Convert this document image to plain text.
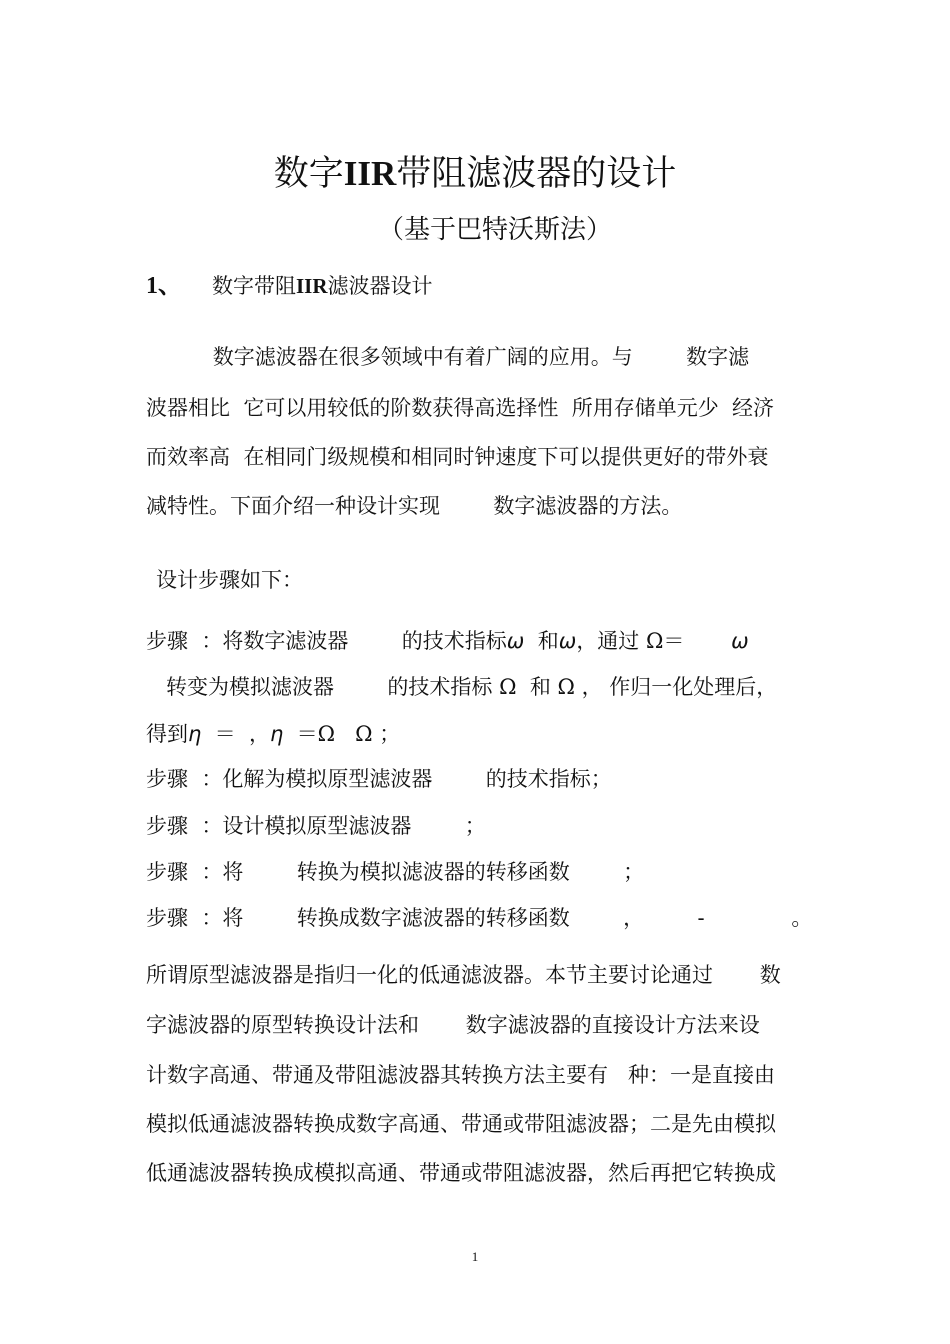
数字IIR带阻滤波器的设计
（基于巴特沃斯法）
1、 数字带阻IIR滤波器设计
数字滤波器在很多领域中有着广阔的应用。与        数字滤
波器相比  它可以用较低的阶数获得高选择性  所用存储单元少  经济
而效率高  在相同门级规模和相同时钟速度下可以提供更好的带外衰
减特性。下面介绍一种设计实现        数字滤波器的方法。
设计步骤如下：
步骤  ：将数字滤波器        的技术指标ω  和ω，通过 Ω＝       ω
转变为模拟滤波器        的技术指标 Ω  和 Ω ， 作归一化处理后，
得到η  ＝  ，η  ＝Ω   Ω ；
步骤  ：化解为模拟原型滤波器        的技术指标；
步骤  ：设计模拟原型滤波器        ；
步骤  ：将        转换为模拟滤波器的转移函数        ；
步骤  ：将        转换成数字滤波器的转移函数        ，        -             。
所谓原型滤波器是指归一化的低通滤波器。本节主要讨论通过       数
字滤波器的原型转换设计法和       数字滤波器的直接设计方法来设
计数字高通、带通及带阻滤波器其转换方法主要有   种：一是直接由
模拟低通滤波器转换成数字高通、带通或带阻滤波器；二是先由模拟
低通滤波器转换成模拟高通、带通或带阻滤波器，然后再把它转换成
1
